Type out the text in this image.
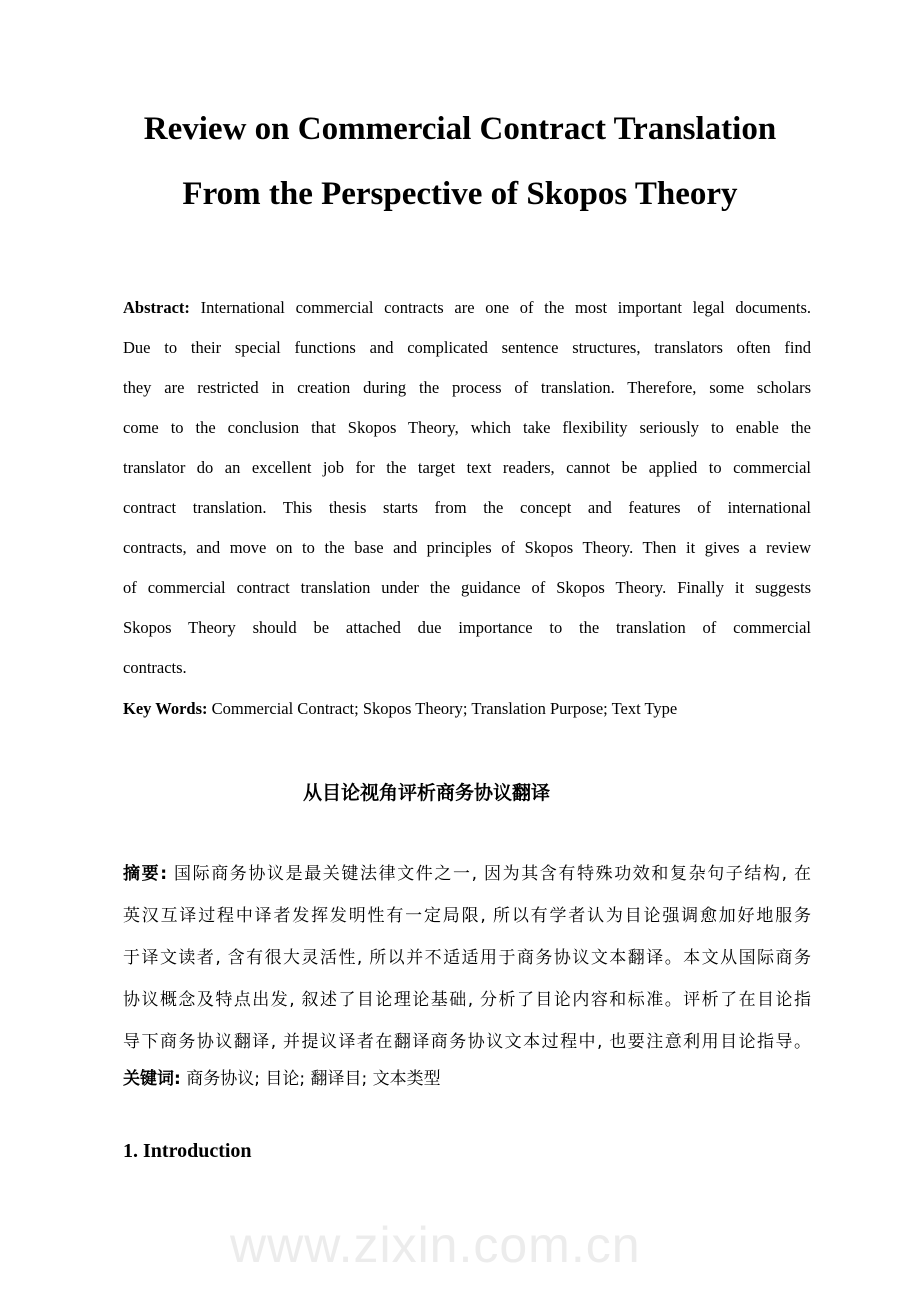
Review on Commercial Contract Translation
From the Perspective of Skopos Theory
Abstract: International commercial contracts are one of the most important legal documents.
Due to their special functions and complicated sentence structures, translators often find
they are restricted in creation during the process of translation. Therefore, some scholars
come to the conclusion that Skopos Theory, which take flexibility seriously to enable the
translator do an excellent job for the target text readers, cannot be applied to commercial
contract translation. This thesis starts from the concept and features of international
contracts, and move on to the base and principles of Skopos Theory. Then it gives a review
of commercial contract translation under the guidance of Skopos Theory. Finally it suggests
Skopos Theory should be attached due importance to the translation of commercial
contracts.
Key Words: Commercial Contract; Skopos Theory; Translation Purpose; Text Type
从目论视角评析商务协议翻译
摘要: 国际商务协议是最关键法律文件之一, 因为其含有特殊功效和复杂句子结构, 在
英汉互译过程中译者发挥发明性有一定局限, 所以有学者认为目论强调愈加好地服务
于译文读者, 含有很大灵活性, 所以并不适适用于商务协议文本翻译。本文从国际商务
协议概念及特点出发, 叙述了目论理论基础, 分析了目论内容和标准。评析了在目论指
导下商务协议翻译, 并提议译者在翻译商务协议文本过程中, 也要注意利用目论指导。
关键词: 商务协议; 目论; 翻译目; 文本类型
1. Introduction
www.zixin.com.cn
